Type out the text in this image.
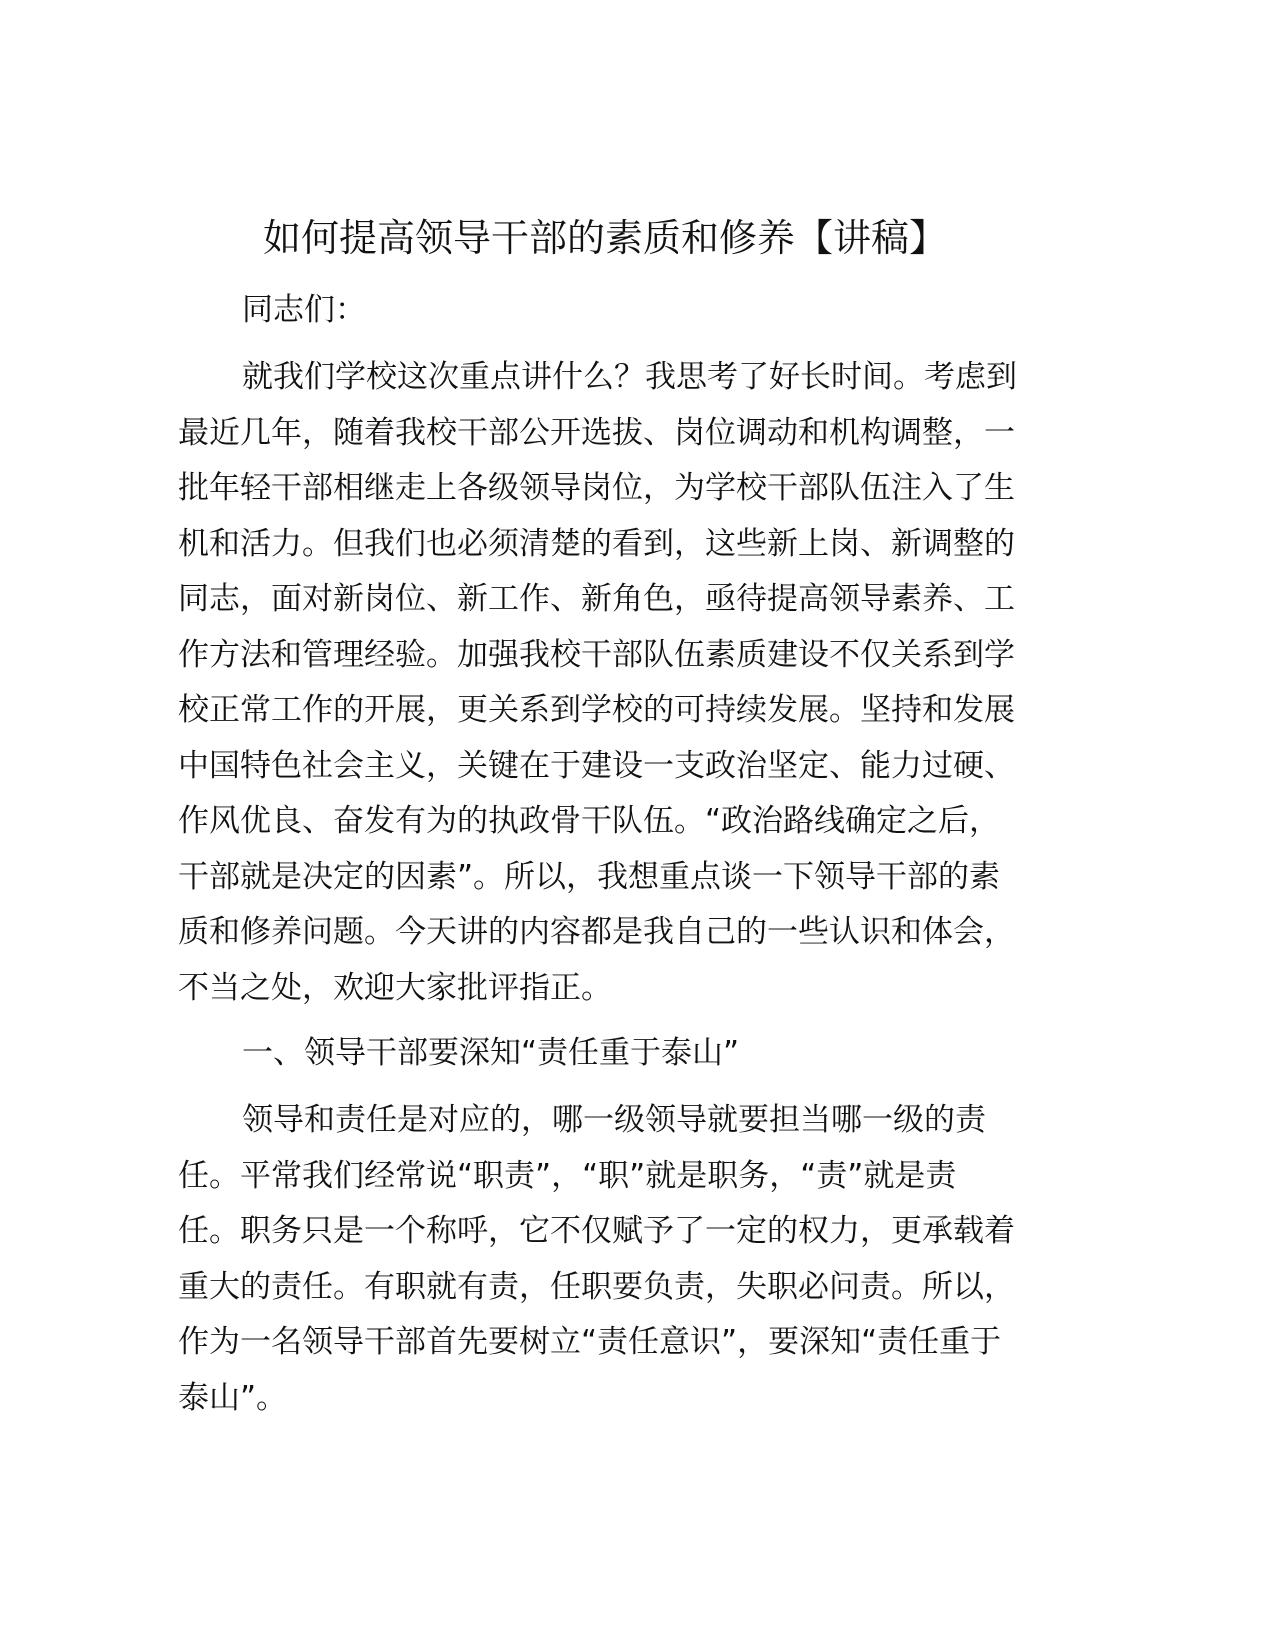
如何提高领导干部的素质和修养【讲稿】
同志们：
就我们学校这次重点讲什么？我思考了好长时间。考虑到
最近几年，随着我校干部公开选拔、岗位调动和机构调整，一
批年轻干部相继走上各级领导岗位，为学校干部队伍注入了生
机和活力。但我们也必须清楚的看到，这些新上岗、新调整的
同志，面对新岗位、新工作、新角色，亟待提高领导素养、工
作方法和管理经验。加强我校干部队伍素质建设不仅关系到学
校正常工作的开展，更关系到学校的可持续发展。坚持和发展
中国特色社会主义，关键在于建设一支政治坚定、能力过硬、
作风优良、奋发有为的执政骨干队伍。“政治路线确定之后，
干部就是决定的因素”。所以，我想重点谈一下领导干部的素
质和修养问题。今天讲的内容都是我自己的一些认识和体会，
不当之处，欢迎大家批评指正。
一、领导干部要深知“责任重于泰山”
领导和责任是对应的，哪一级领导就要担当哪一级的责
任。平常我们经常说“职责”，“职”就是职务，“责”就是责
任。职务只是一个称呼，它不仅赋予了一定的权力，更承载着
重大的责任。有职就有责，任职要负责，失职必问责。所以，
作为一名领导干部首先要树立“责任意识”，要深知“责任重于
泰山”。
